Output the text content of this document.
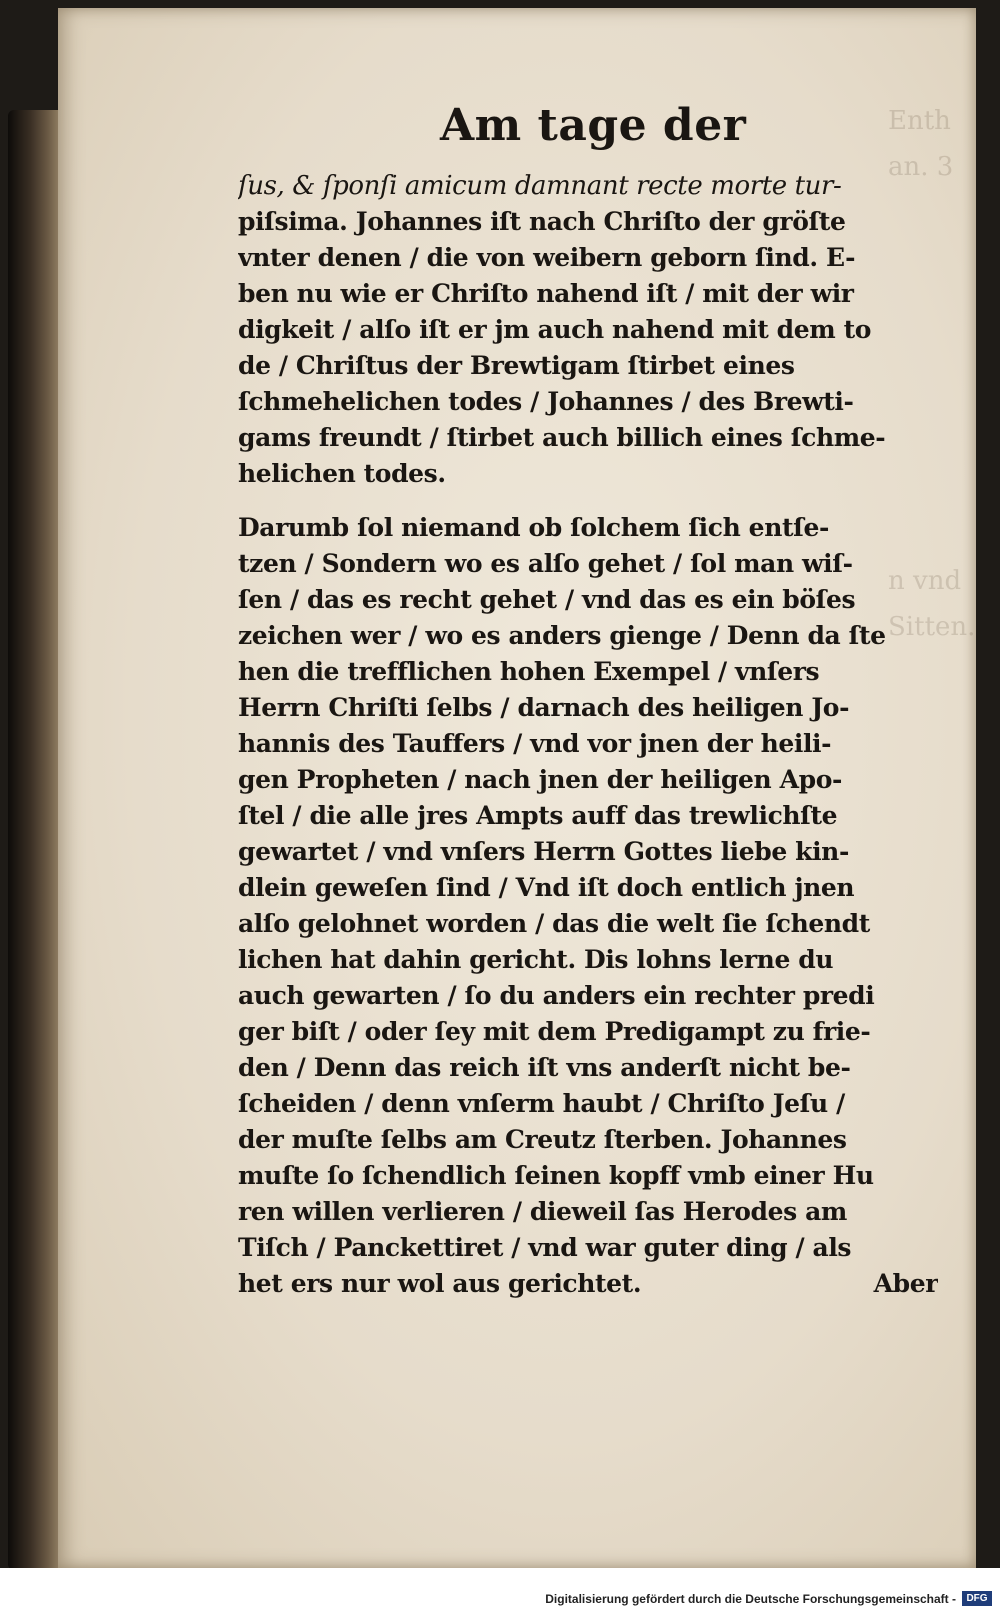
Enth
an. 3

n vnd
Sitten.
Am tage der
ſus, & ſponſi amicum damnant recte morte tur-
piſsima. Johannes iſt nach Chriſto der gröſte
vnter denen / die von weibern geborn ſind. E-
ben nu wie er Chriſto nahend iſt / mit der wir
digkeit / alſo iſt er jm auch nahend mit dem to
de / Chriſtus der Brewtigam ſtirbet eines
ſchmehelichen todes / Johannes / des Brewti-
gams freundt / ſtirbet auch billich eines ſchme-
helichen todes.
Darumb ſol niemand ob ſolchem ſich entſe-
tzen / Sondern wo es alſo gehet / ſol man wiſ-
ſen / das es recht gehet / vnd das es ein böſes
zeichen wer / wo es anders gienge / Denn da ſte
hen die trefflichen hohen Exempel / vnſers
Herrn Chriſti ſelbs / darnach des heiligen Jo-
hannis des Tauffers / vnd vor jnen der heili-
gen Propheten / nach jnen der heiligen Apo-
ſtel / die alle jres Ampts auff das trewlichſte
gewartet / vnd vnſers Herrn Gottes liebe kin-
dlein geweſen ſind / Vnd iſt doch entlich jnen
alſo gelohnet worden / das die welt ſie ſchendt
lichen hat dahin gericht. Dis lohns lerne du
auch gewarten / ſo du anders ein rechter predi
ger biſt / oder ſey mit dem Predigampt zu frie-
den / Denn das reich iſt vns anderſt nicht be-
ſcheiden / denn vnſerm haubt / Chriſto Jeſu /
der muſte ſelbs am Creutz ſterben. Johannes
muſte ſo ſchendlich ſeinen kopff vmb einer Hu
ren willen verlieren / dieweil ſas Herodes am
Tiſch / Panckettiret / vnd war guter ding / als
het ers nur wol aus gerichtet.	Aber
Digitalisierung gefördert durch die Deutsche Forschungsgemeinschaft -	DFG
